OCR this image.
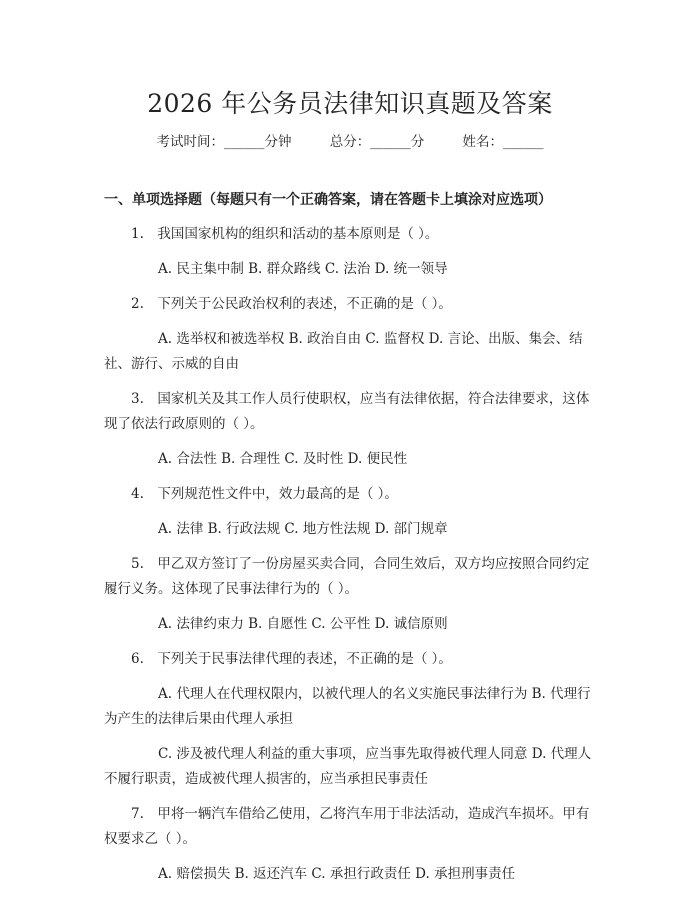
2026 年公务员法律知识真题及答案
考试时间：______分钟	总分：______分	姓名：______
一、单项选择题（每题只有一个正确答案，请在答题卡上填涂对应选项）

1.　我国国家机构的组织和活动的基本原则是（ ）。

A. 民主集中制 B. 群众路线 C. 法治 D. 统一领导

2.　下列关于公民政治权利的表述，不正确的是（ ）。

A. 选举权和被选举权 B. 政治自由 C. 监督权 D. 言论、出版、集会、结社、游行、示威的自由

3.　国家机关及其工作人员行使职权，应当有法律依据，符合法律要求，这体现了依法行政原则的（ ）。

A. 合法性 B. 合理性 C. 及时性 D. 便民性

4.　下列规范性文件中，效力最高的是（ ）。

A. 法律 B. 行政法规 C. 地方性法规 D. 部门规章

5.　甲乙双方签订了一份房屋买卖合同，合同生效后，双方均应按照合同约定履行义务。这体现了民事法律行为的（ ）。

A. 法律约束力 B. 自愿性 C. 公平性 D. 诚信原则

6.　下列关于民事法律代理的表述，不正确的是（ ）。

A. 代理人在代理权限内，以被代理人的名义实施民事法律行为 B. 代理行为产生的法律后果由代理人承担

C. 涉及被代理人利益的重大事项，应当事先取得被代理人同意 D. 代理人不履行职责，造成被代理人损害的，应当承担民事责任

7.　甲将一辆汽车借给乙使用，乙将汽车用于非法活动，造成汽车损坏。甲有权要求乙（ ）。

A. 赔偿损失 B. 返还汽车 C. 承担行政责任 D. 承担刑事责任
